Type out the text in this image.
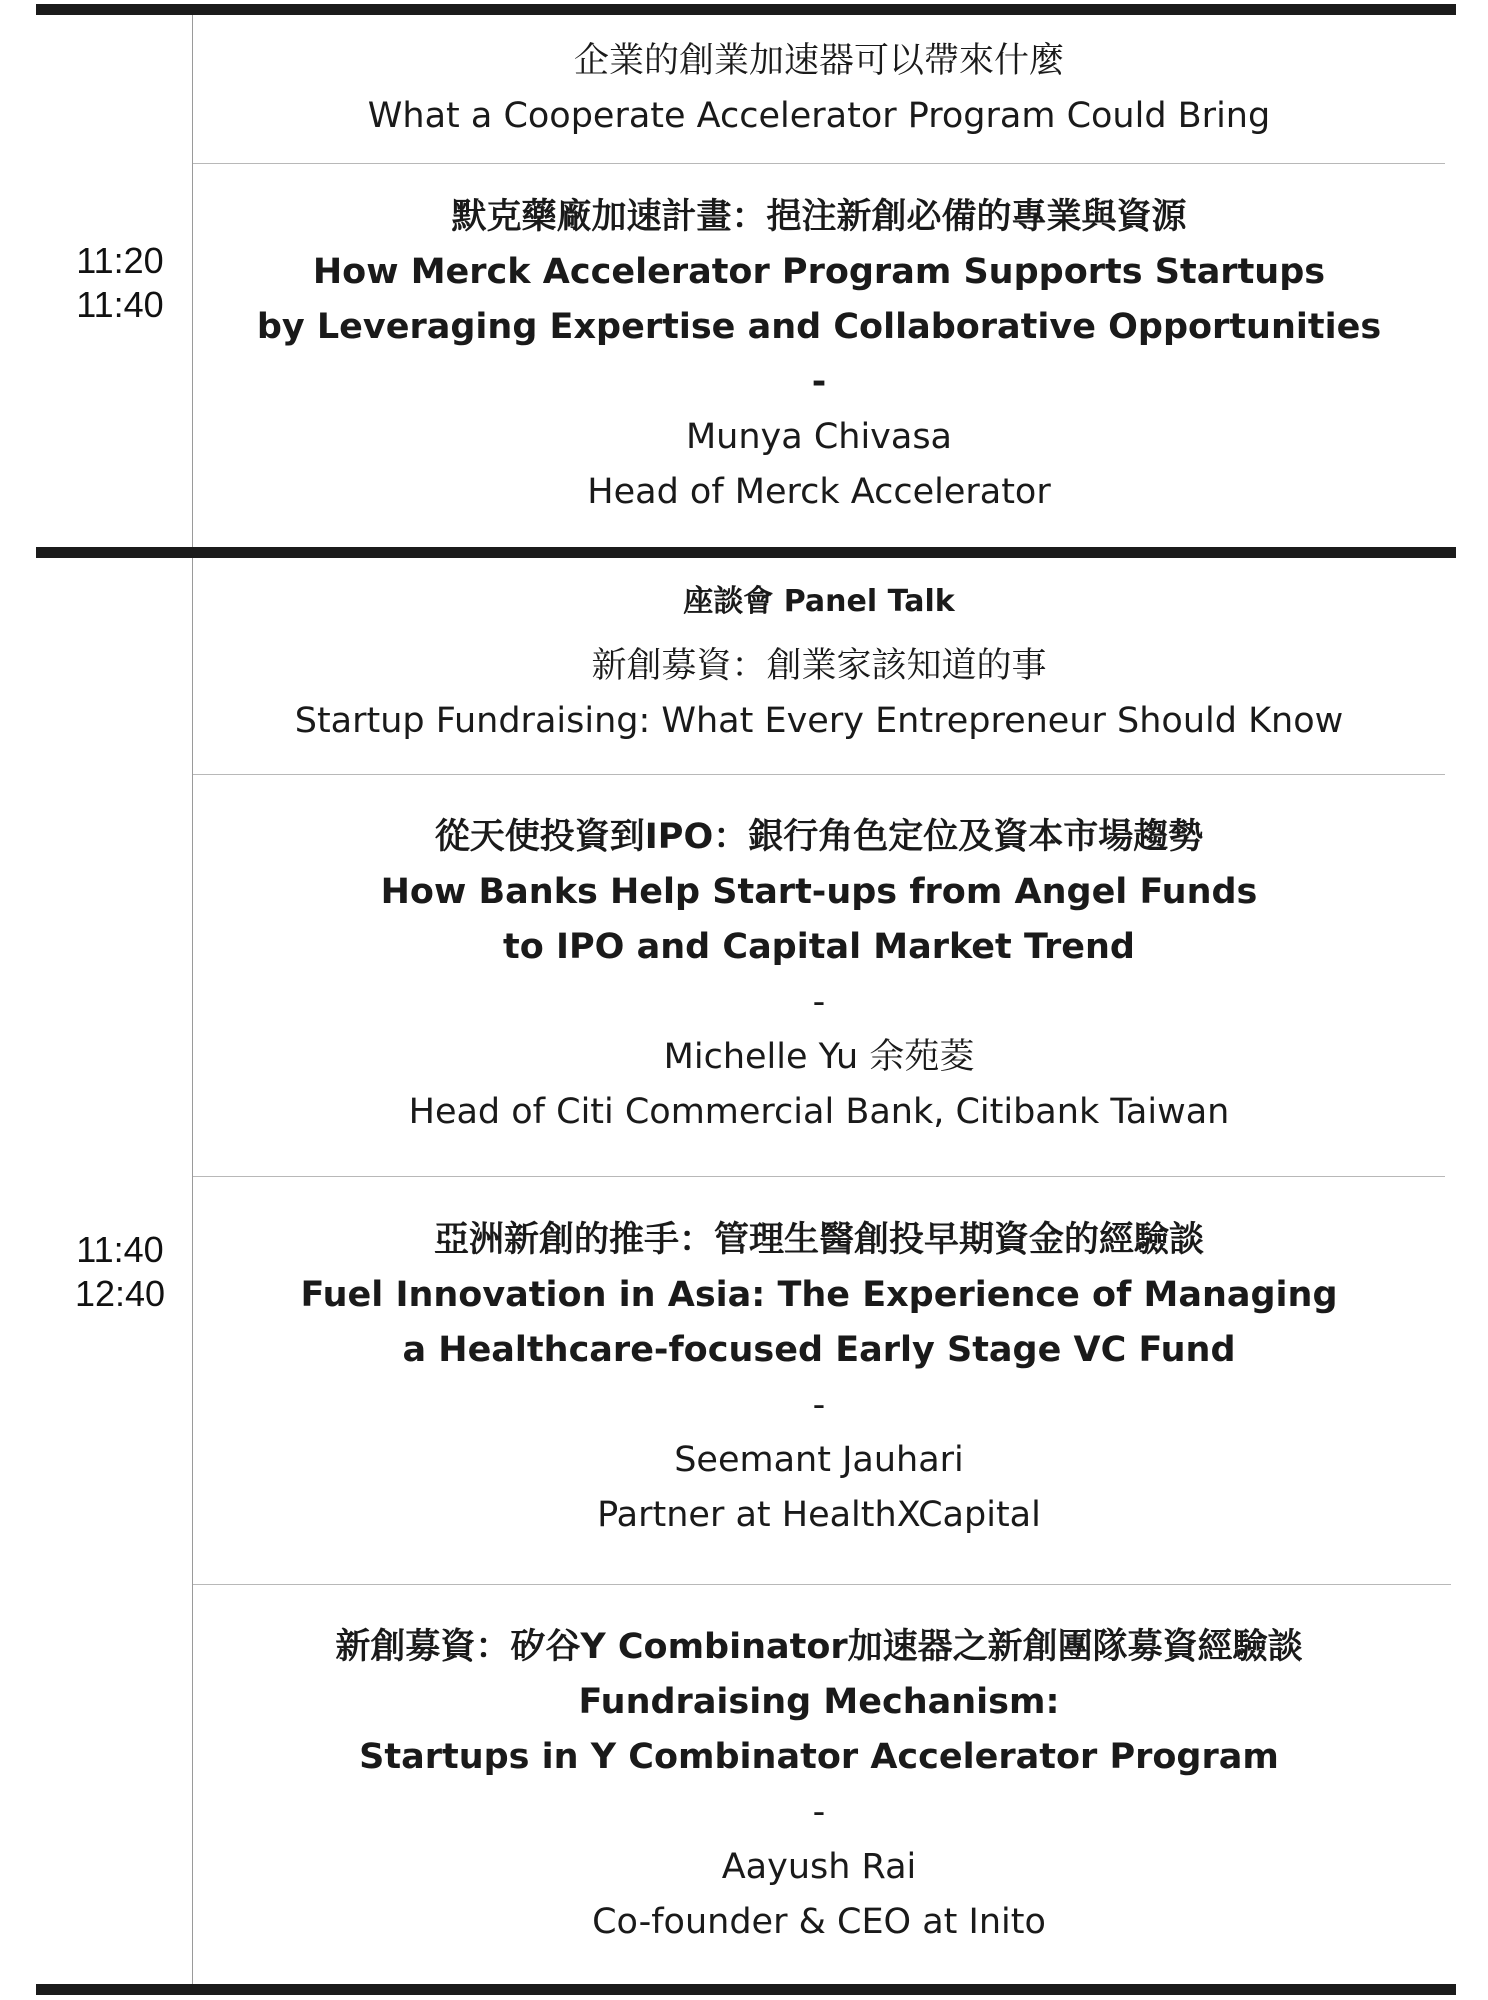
11:20
11:40
企業的創業加速器可以帶來什麼
What a Cooperate Accelerator Program Could Bring
默克藥廠加速計畫：挹注新創必備的專業與資源
How Merck Accelerator Program Supports Startups
by Leveraging Expertise and Collaborative Opportunities
-
Munya Chivasa
Head of Merck Accelerator
11:40
12:40
座談會 Panel Talk
新創募資：創業家該知道的事
Startup Fundraising: What Every Entrepreneur Should Know
從天使投資到IPO：銀行角色定位及資本市場趨勢
How Banks Help Start-ups from Angel Funds
to IPO and Capital Market Trend
-
Michelle Yu 余苑菱
Head of Citi Commercial Bank, Citibank Taiwan
亞洲新創的推手：管理生醫創投早期資金的經驗談
Fuel Innovation in Asia: The Experience of Managing
a Healthcare-focused Early Stage VC Fund
-
Seemant Jauhari
Partner at HealthXCapital
新創募資：矽谷Y Combinator加速器之新創團隊募資經驗談
Fundraising Mechanism:
Startups in Y Combinator Accelerator Program
-
Aayush Rai
Co-founder & CEO at Inito
